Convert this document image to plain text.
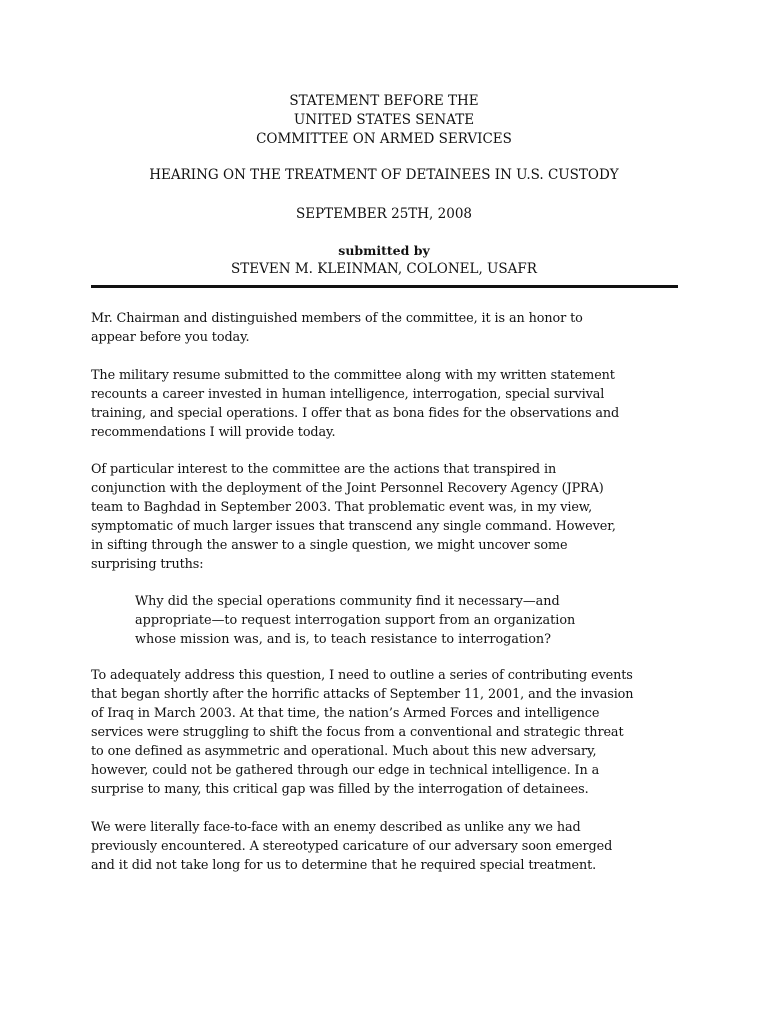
STATEMENT BEFORE THE
UNITED STATES SENATE
COMMITTEE ON ARMED SERVICES
HEARING ON THE TREATMENT OF DETAINEES IN U.S. CUSTODY
SEPTEMBER 25TH, 2008
submitted by
STEVEN M. KLEINMAN, COLONEL, USAFR
Mr. Chairman and distinguished members of the committee, it is an honor to
appear before you today.
The military resume submitted to the committee along with my written statement
recounts a career invested in human intelligence, interrogation, special survival
training, and special operations. I offer that as bona fides for the observations and
recommendations I will provide today.
Of particular interest to the committee are the actions that transpired in
conjunction with the deployment of the Joint Personnel Recovery Agency (JPRA)
team to Baghdad in September 2003. That problematic event was, in my view,
symptomatic of much larger issues that transcend any single command. However,
in sifting through the answer to a single question, we might uncover some
surprising truths:
Why did the special operations community find it necessary—and
appropriate—to request interrogation support from an organization
whose mission was, and is, to teach resistance to interrogation?
To adequately address this question, I need to outline a series of contributing events
that began shortly after the horrific attacks of September 11, 2001, and the invasion
of Iraq in March 2003. At that time, the nation’s Armed Forces and intelligence
services were struggling to shift the focus from a conventional and strategic threat
to one defined as asymmetric and operational. Much about this new adversary,
however, could not be gathered through our edge in technical intelligence. In a
surprise to many, this critical gap was filled by the interrogation of detainees.
We were literally face-to-face with an enemy described as unlike any we had
previously encountered. A stereotyped caricature of our adversary soon emerged
and it did not take long for us to determine that he required special treatment.
